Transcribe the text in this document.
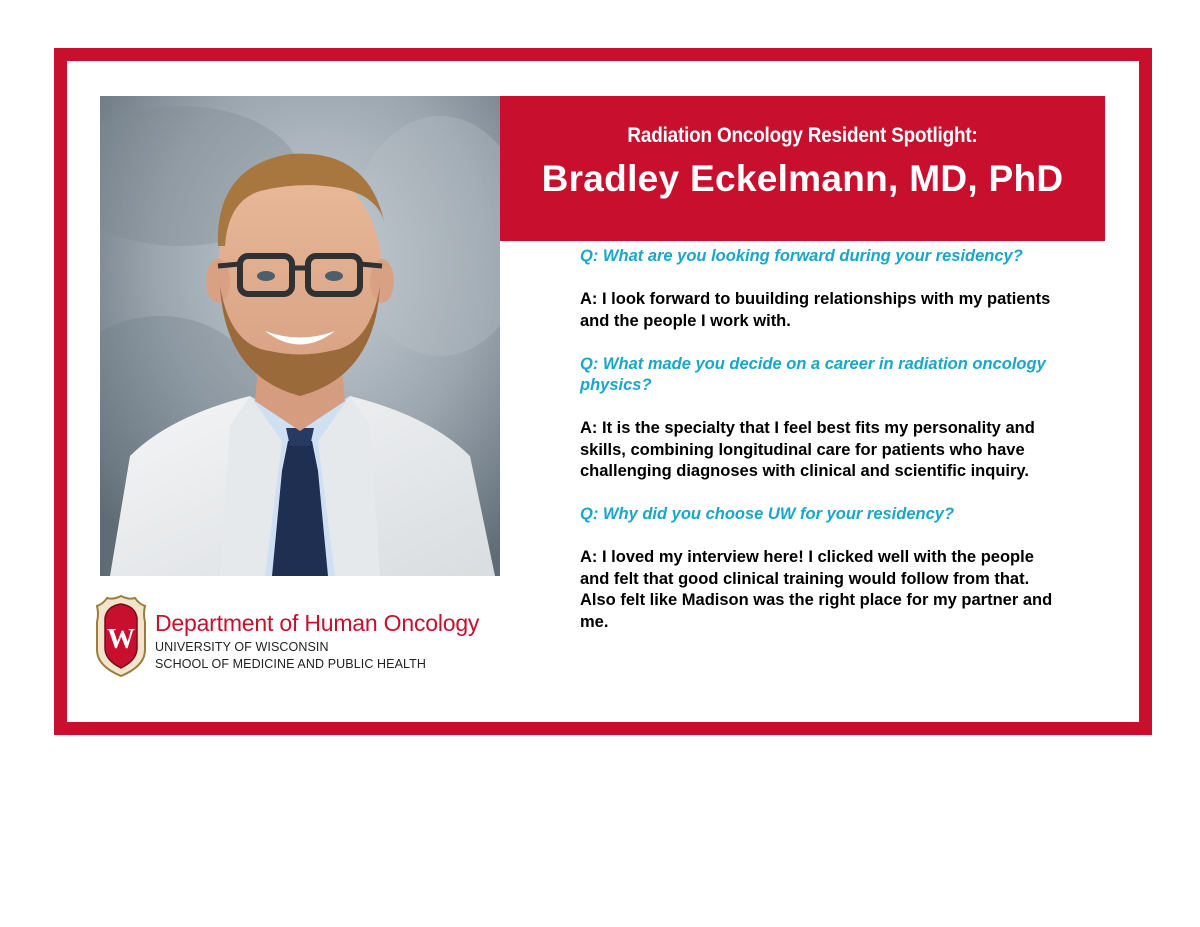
Radiation Oncology Resident Spotlight:
Bradley Eckelmann, MD, PhD

Q: What are you looking forward during your residency?

A: I look forward to buuilding relationships with my patients
and the people I work with.

Q: What made you decide on a career in radiation oncology
physics?

A: It is the specialty that I feel best fits my personality and
skills, combining longitudinal care for patients who have
challenging diagnoses with clinical and scientific inquiry.

Q: Why did you choose UW for your residency?

A: I loved my interview here! I clicked well with the people
and felt that good clinical training would follow from that.
Also felt like Madison was the right place for my partner and
me.

W
Department of Human Oncology
UNIVERSITY OF WISCONSIN
SCHOOL OF MEDICINE AND PUBLIC HEALTH
